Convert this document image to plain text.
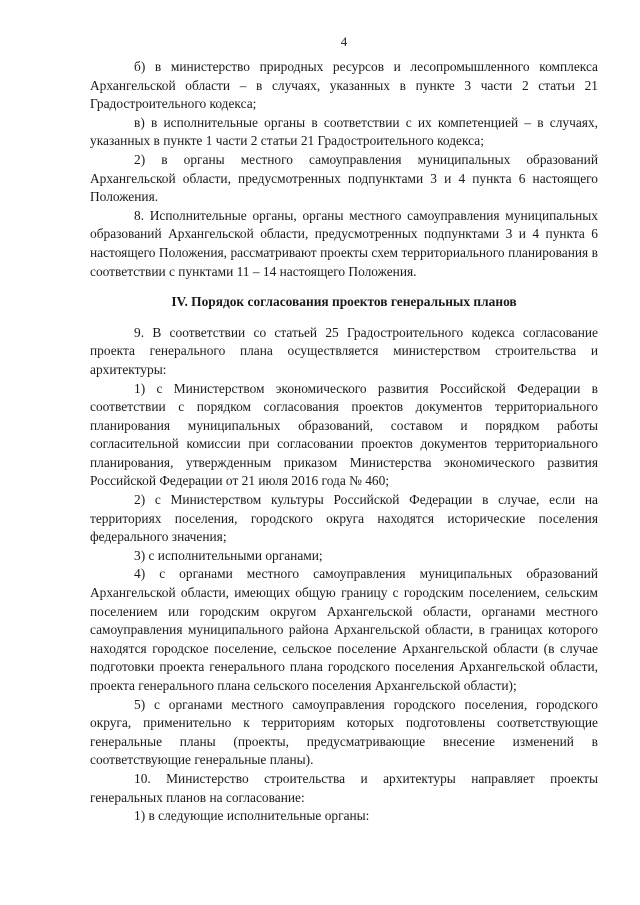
4

б) в министерство природных ресурсов и лесопромышленного комплекса Архангельской области – в случаях, указанных в пункте 3 части 2 статьи 21 Градостроительного кодекса;

в) в исполнительные органы в соответствии с их компетенцией – в случаях, указанных в пункте 1 части 2 статьи 21 Градостроительного кодекса;

2) в органы местного самоуправления муниципальных образований Архангельской области, предусмотренных подпунктами 3 и 4 пункта 6 настоящего Положения.

8. Исполнительные органы, органы местного самоуправления муниципальных образований Архангельской области, предусмотренных подпунктами 3 и 4 пункта 6 настоящего Положения, рассматривают проекты схем территориального планирования в соответствии с пунктами 11 – 14 настоящего Положения.

IV. Порядок согласования проектов генеральных планов

9. В соответствии со статьей 25 Градостроительного кодекса согласование проекта генерального плана осуществляется министерством строительства и архитектуры:

1) с Министерством экономического развития Российской Федерации в соответствии с порядком согласования проектов документов территориального планирования муниципальных образований, составом и порядком работы согласительной комиссии при согласовании проектов документов территориального планирования, утвержденным приказом Министерства экономического развития Российской Федерации от 21 июля 2016 года № 460;

2) с Министерством культуры Российской Федерации в случае, если на территориях поселения, городского округа находятся исторические поселения федерального значения;

3) с исполнительными органами;

4) с органами местного самоуправления муниципальных образований Архангельской области, имеющих общую границу с городским поселением, сельским поселением или городским округом Архангельской области, органами местного самоуправления муниципального района Архангельской области, в границах которого находятся городское поселение, сельское поселение Архангельской области (в случае подготовки проекта генерального плана городского поселения Архангельской области, проекта генерального плана сельского поселения Архангельской области);

5) с органами местного самоуправления городского поселения, городского округа, применительно к территориям которых подготовлены соответствующие генеральные планы (проекты, предусматривающие внесение изменений в соответствующие генеральные планы).

10. Министерство строительства и архитектуры направляет проекты генеральных планов на согласование:

1) в следующие исполнительные органы:
